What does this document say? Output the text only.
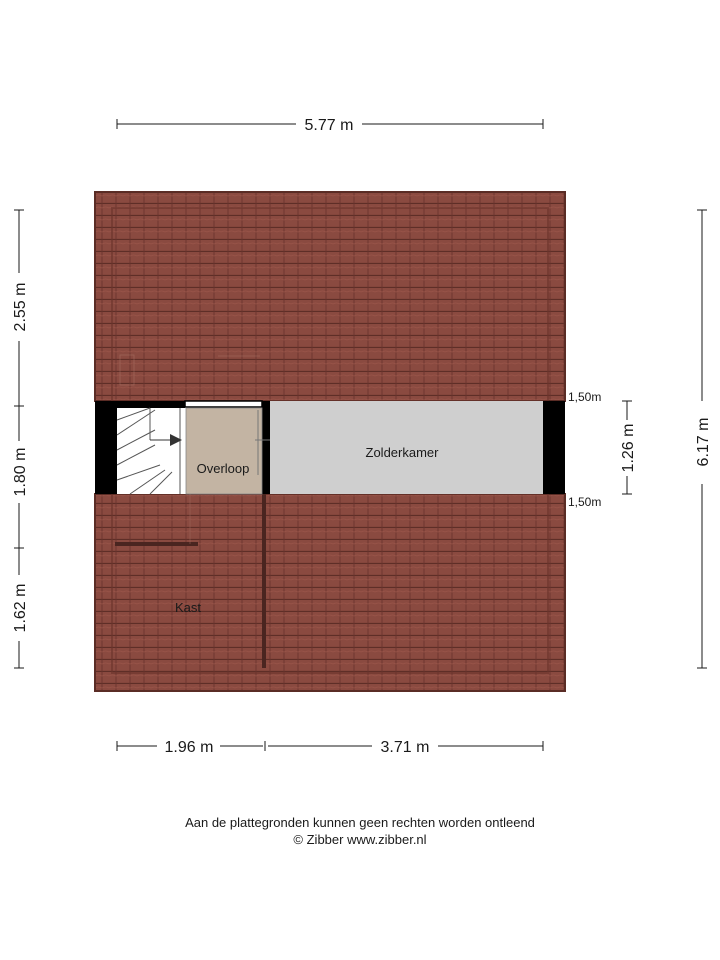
5.77 m
2.55 m
1.80 m
1.62 m
6.17 m
1.26 m
1.96 m	3.71 m
Overloop
Zolderkamer
Kast
1,50m
1,50m
Aan de plattegronden kunnen geen rechten worden ontleend
© Zibber www.zibber.nl
